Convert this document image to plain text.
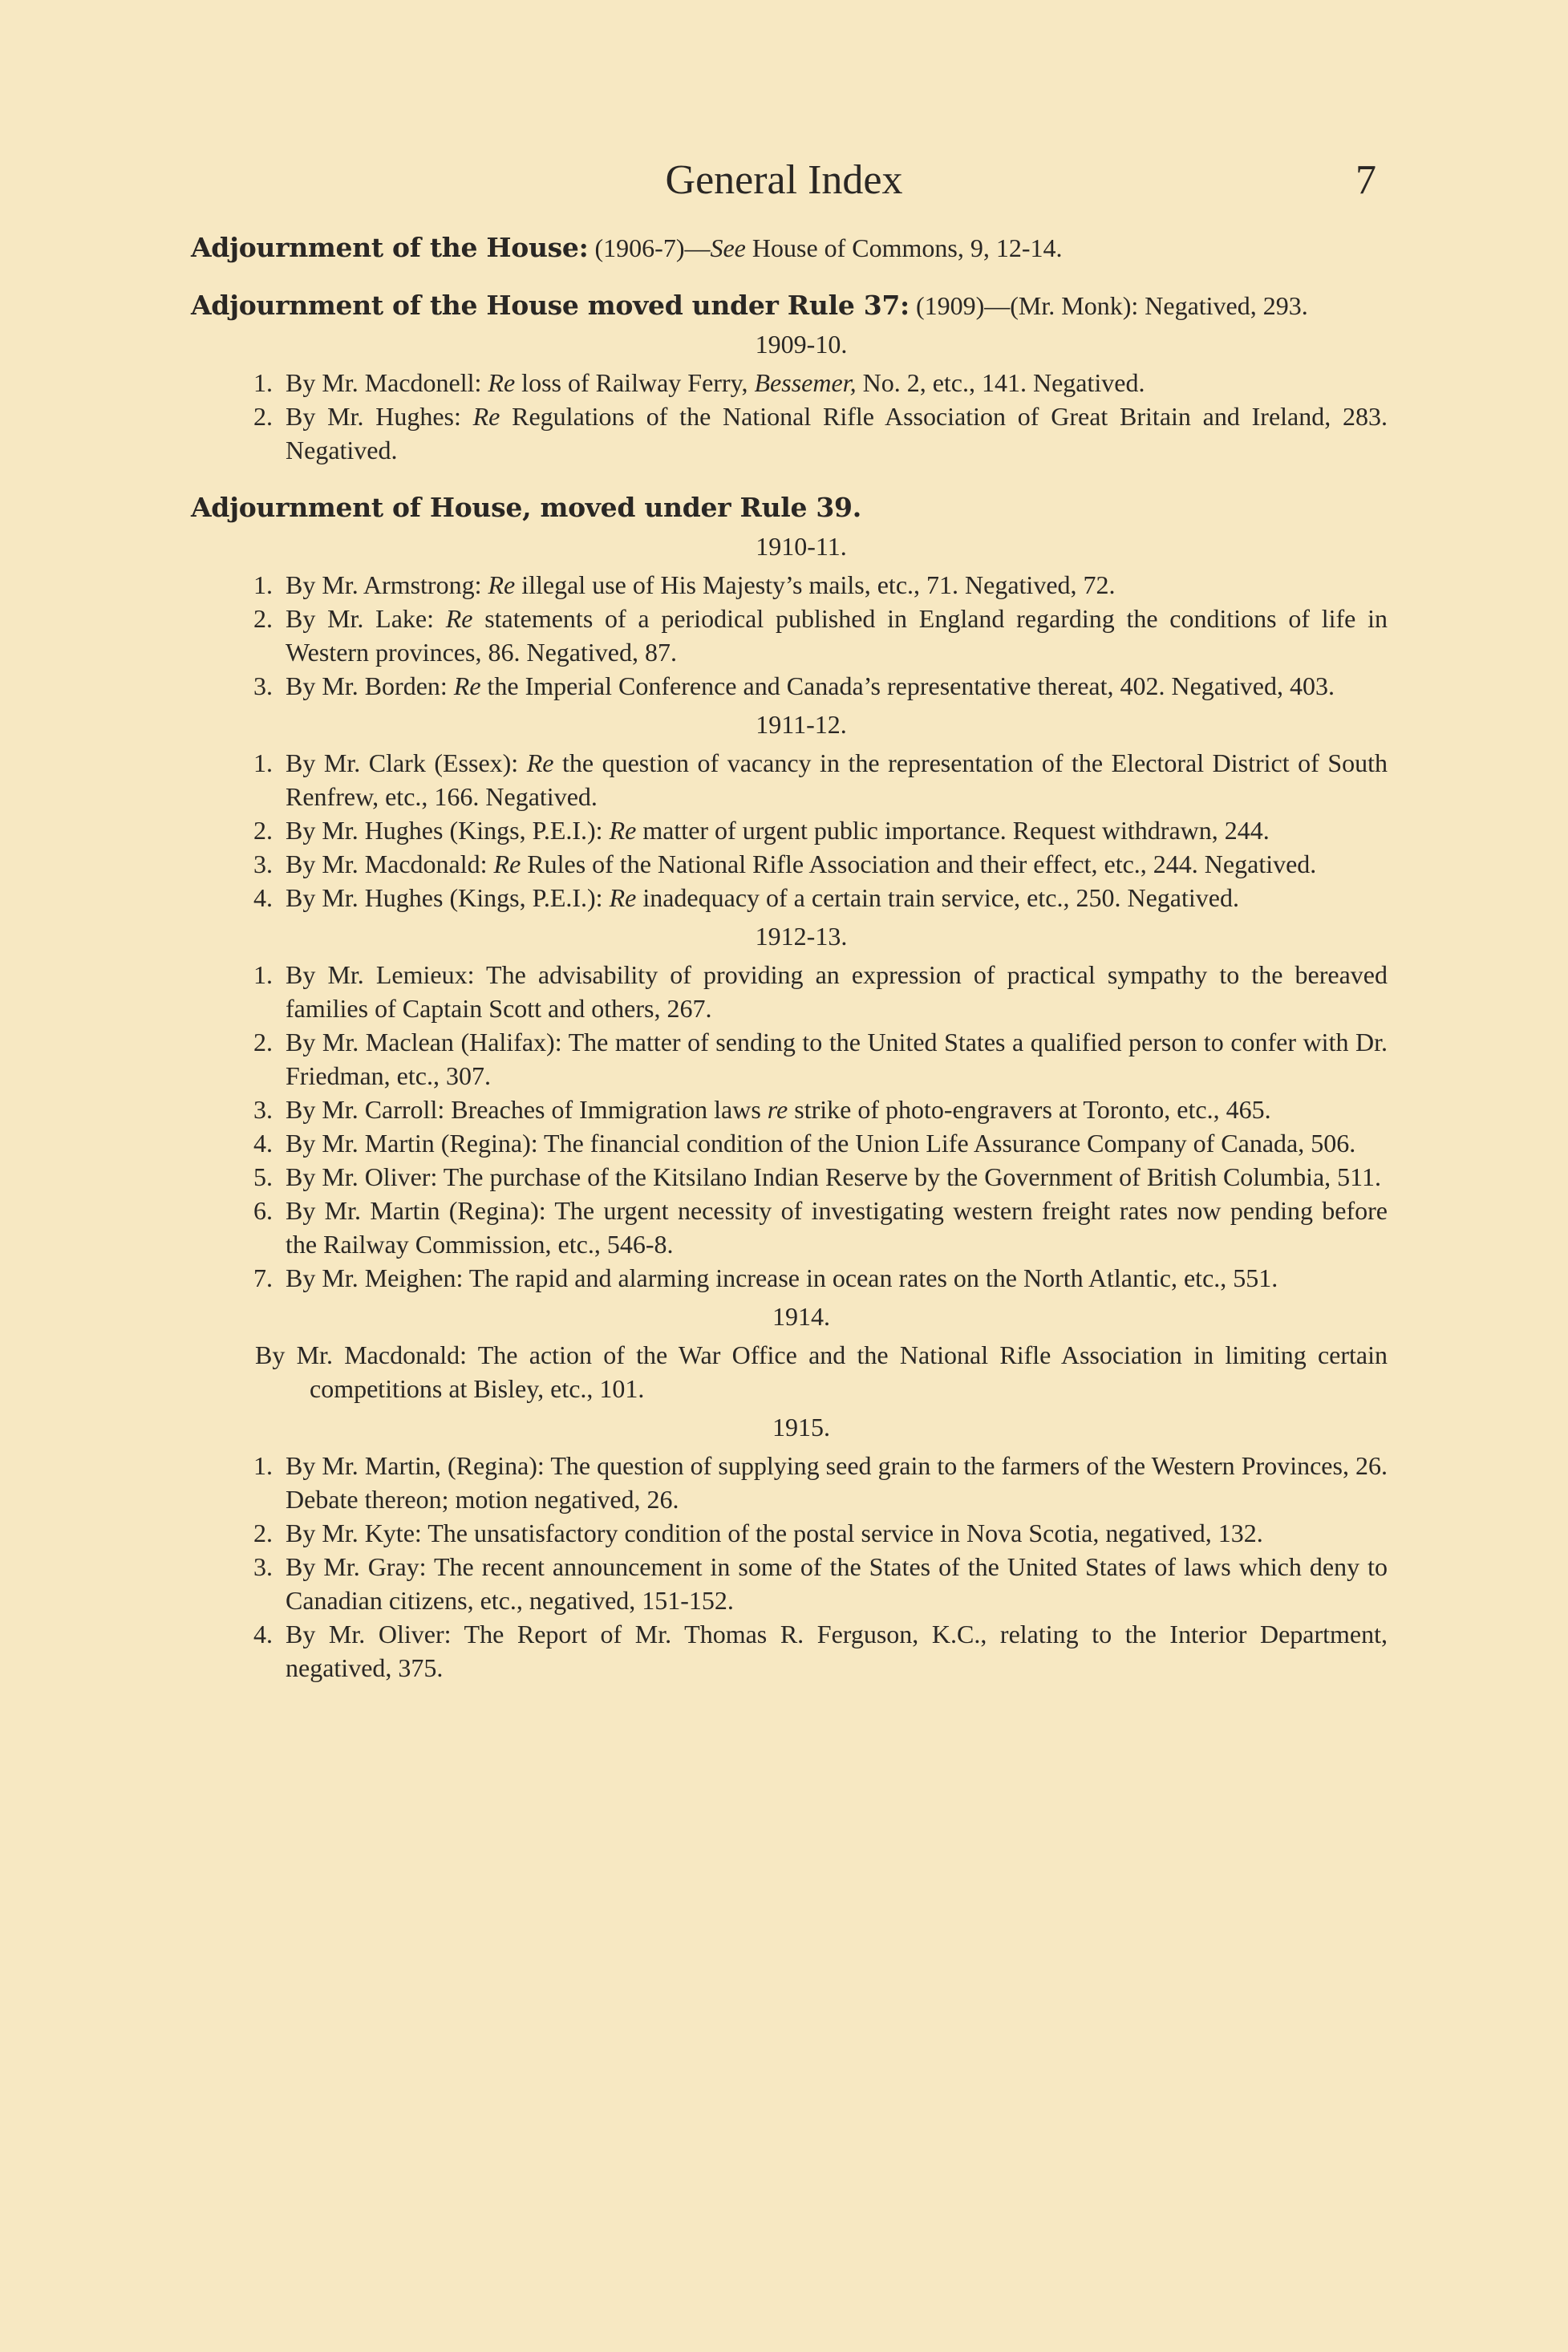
General Index	7
Adjournment of the House: (1906-7)—See House of Commons, 9, 12-14.
Adjournment of the House moved under Rule 37: (1909)—(Mr. Monk): Negatived, 293.
1909-10.
1. By Mr. Macdonell: Re loss of Railway Ferry, Bessemer, No. 2, etc., 141. Negatived.
2. By Mr. Hughes: Re Regulations of the National Rifle Association of Great Britain and Ireland, 283. Negatived.
Adjournment of House, moved under Rule 39.
1910-11.
1. By Mr. Armstrong: Re illegal use of His Majesty’s mails, etc., 71. Negatived, 72.
2. By Mr. Lake: Re statements of a periodical published in England regarding the conditions of life in Western provinces, 86. Negatived, 87.
3. By Mr. Borden: Re the Imperial Conference and Canada’s representative thereat, 402. Negatived, 403.
1911-12.
1. By Mr. Clark (Essex): Re the question of vacancy in the representation of the Electoral District of South Renfrew, etc., 166. Negatived.
2. By Mr. Hughes (Kings, P.E.I.): Re matter of urgent public importance. Request withdrawn, 244.
3. By Mr. Macdonald: Re Rules of the National Rifle Association and their effect, etc., 244. Negatived.
4. By Mr. Hughes (Kings, P.E.I.): Re inadequacy of a certain train service, etc., 250. Negatived.
1912-13.
1. By Mr. Lemieux: The advisability of providing an expression of practical sympathy to the bereaved families of Captain Scott and others, 267.
2. By Mr. Maclean (Halifax): The matter of sending to the United States a qualified person to confer with Dr. Friedman, etc., 307.
3. By Mr. Carroll: Breaches of Immigration laws re strike of photo-engravers at Toronto, etc., 465.
4. By Mr. Martin (Regina): The financial condition of the Union Life Assurance Company of Canada, 506.
5. By Mr. Oliver: The purchase of the Kitsilano Indian Reserve by the Government of British Columbia, 511.
6. By Mr. Martin (Regina): The urgent necessity of investigating western freight rates now pending before the Railway Commission, etc., 546-8.
7. By Mr. Meighen: The rapid and alarming increase in ocean rates on the North Atlantic, etc., 551.
1914.
By Mr. Macdonald: The action of the War Office and the National Rifle Association in limiting certain competitions at Bisley, etc., 101.
1915.
1. By Mr. Martin, (Regina): The question of supplying seed grain to the farmers of the Western Provinces, 26. Debate thereon; motion negatived, 26.
2. By Mr. Kyte: The unsatisfactory condition of the postal service in Nova Scotia, negatived, 132.
3. By Mr. Gray: The recent announcement in some of the States of the United States of laws which deny to Canadian citizens, etc., negatived, 151-152.
4. By Mr. Oliver: The Report of Mr. Thomas R. Ferguson, K.C., relating to the Interior Department, negatived, 375.
